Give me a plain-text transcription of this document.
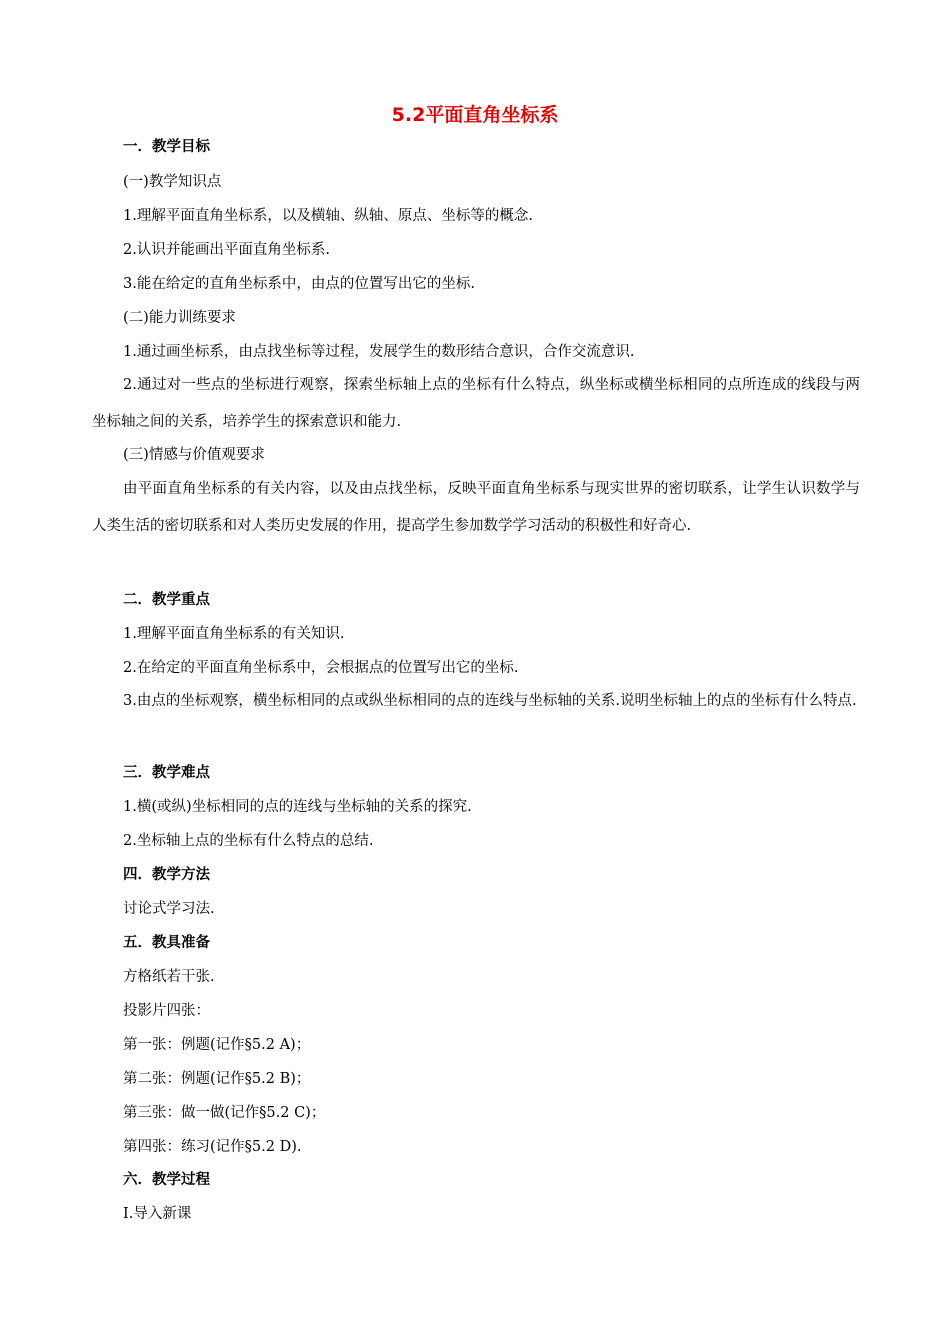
5.2平面直角坐标系
一．教学目标
(一)教学知识点
1.理解平面直角坐标系，以及横轴、纵轴、原点、坐标等的概念.
2.认识并能画出平面直角坐标系.
3.能在给定的直角坐标系中，由点的位置写出它的坐标.
(二)能力训练要求
1.通过画坐标系，由点找坐标等过程，发展学生的数形结合意识，合作交流意识.

2.通过对一些点的坐标进行观察，探索坐标轴上点的坐标有什么特点，纵坐标或横坐标相同的点所连成的线段与两坐标轴之间的关系，培养学生的探索意识和能力.

(三)情感与价值观要求

由平面直角坐标系的有关内容，以及由点找坐标，反映平面直角坐标系与现实世界的密切联系，让学生认识数学与人类生活的密切联系和对人类历史发展的作用，提高学生参加数学学习活动的积极性和好奇心.

二．教学重点
1.理解平面直角坐标系的有关知识.
2.在给定的平面直角坐标系中，会根据点的位置写出它的坐标.

3.由点的坐标观察，横坐标相同的点或纵坐标相同的点的连线与坐标轴的关系.说明坐标轴上的点的坐标有什么特点.

三．教学难点
1.横(或纵)坐标相同的点的连线与坐标轴的关系的探究.
2.坐标轴上点的坐标有什么特点的总结.
四．教学方法
讨论式学习法.
五．教具准备
方格纸若干张.
投影片四张：
第一张：例题(记作§5.2 A)；
第二张：例题(记作§5.2 B)；
第三张：做一做(记作§5.2 C)；
第四张：练习(记作§5.2 D).
六．教学过程
Ⅰ.导入新课
